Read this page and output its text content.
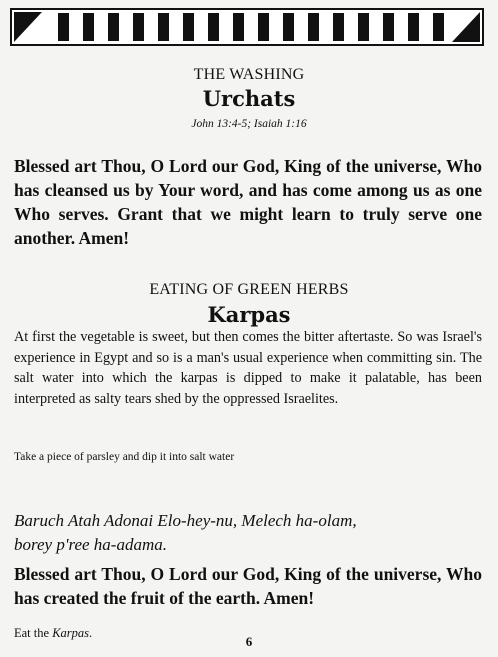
THE WASHING
Urchats
John 13:4-5; Isaiah 1:16
Blessed art Thou, O Lord our God, King of the universe, Who has cleansed us by Your word, and has come among us as one Who serves. Grant that we might learn to truly serve one another. Amen!
EATING OF GREEN HERBS
Karpas
At first the vegetable is sweet, but then comes the bitter aftertaste. So was Israel's experience in Egypt and so is a man's usual experience when committing sin. The salt water into which the karpas is dipped to make it palatable, has been interpreted as salty tears shed by the oppressed Israelites.
Take a piece of parsley and dip it into salt water
Baruch Atah Adonai Elo-hey-nu, Melech ha-olam,
borey p'ree ha-adama.
Blessed art Thou, O Lord our God, King of the universe, Who has created the fruit of the earth. Amen!
Eat the Karpas.
6
